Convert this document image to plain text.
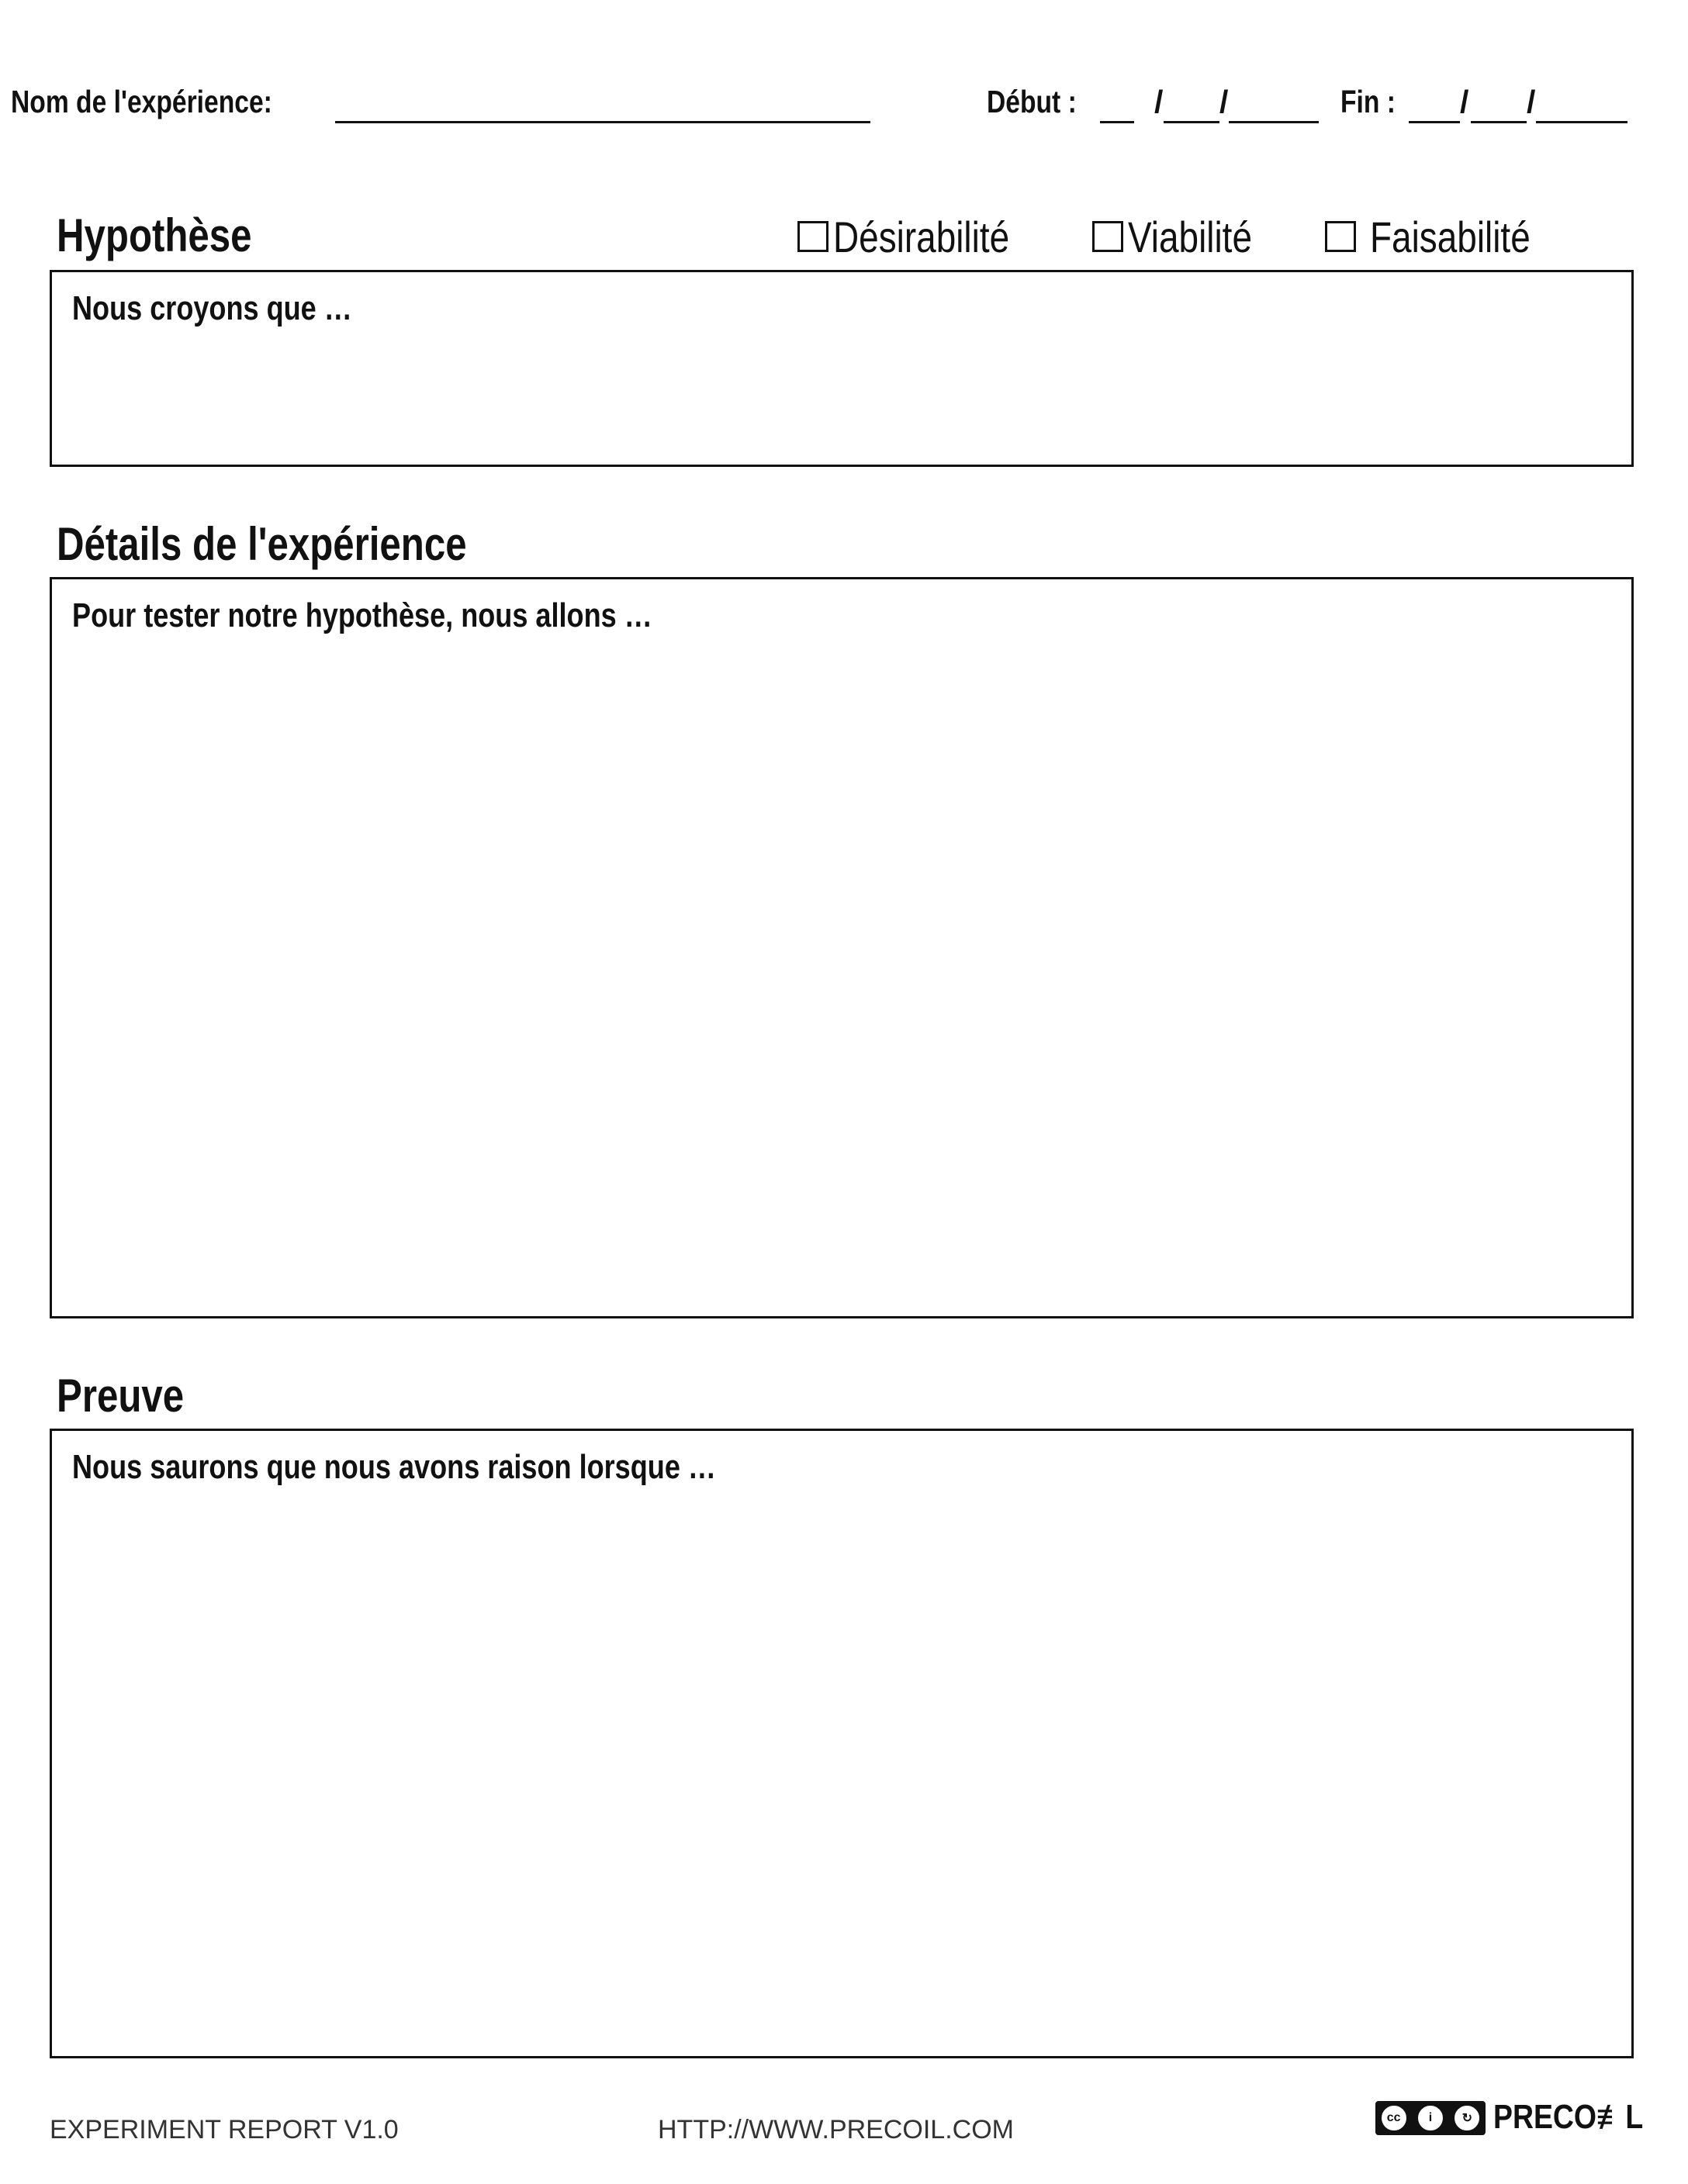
Nom de l'expérience:	Début : / /	Fin : / /
Hypothèse	Désirabilité	Viabilité	Faisabilité
Nous croyons que …
Détails de l'expérience
Pour tester notre hypothèse, nous allons …
Preuve
Nous saurons que nous avons raison lorsque …
EXPERIMENT REPORT V1.0	HTTP://WWW.PRECOIL.COM	cc	i	↻ PRECO≢L
